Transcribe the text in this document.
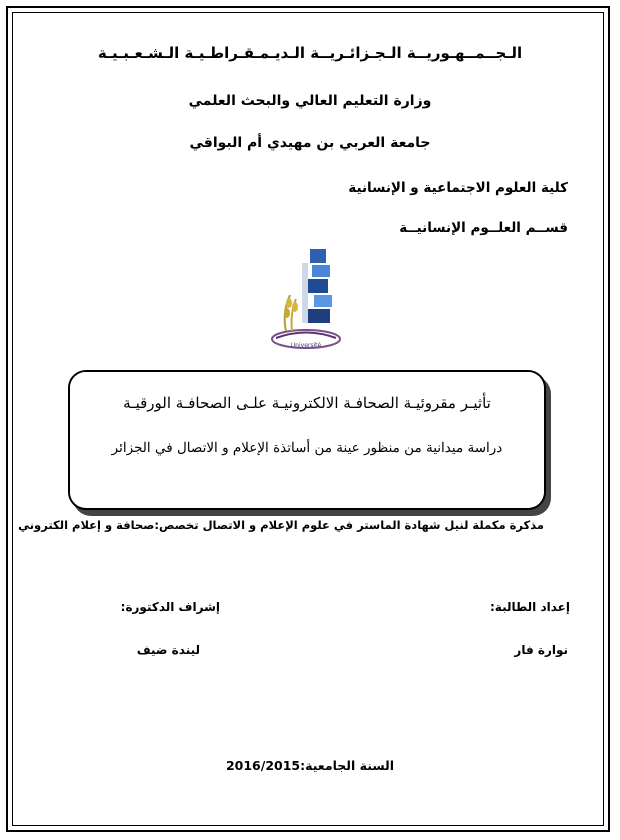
الـجــمــهـوريــة الـجـزائـريــة الـديـمـقـراطـيـة الـشـعـبـيـة
وزارة التعليم العالي والبحث العلمي
جامعة العربي بن مهيدي أم البواقي
كلية العلوم الاجتماعية و الإنسانية
قســم العلــوم الإنسانيــة
Université
تأثيـر مقروئيـة الصحافـة الالكترونيـة علـى الصحافـة الورقيـة
دراسة ميدانية من منظور عينة من أساتذة الإعلام و الاتصال في الجزائر
مذكرة مكملة لنيل شهادة الماستر في علوم الإعلام و الاتصال تخصص:صحافة و إعلام الكتروني
إعداد الطالبة:
إشراف الدكتورة:
نوارة فار
ليندة ضيف
السنة الجامعية:2016/2015
